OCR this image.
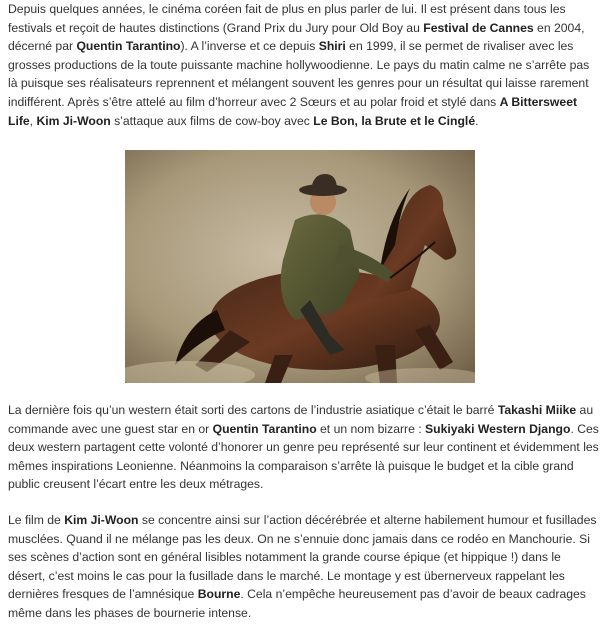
Depuis quelques années, le cinéma coréen fait de plus en plus parler de lui. Il est présent dans tous les festivals et reçoit de hautes distinctions (Grand Prix du Jury pour Old Boy au Festival de Cannes en 2004, décerné par Quentin Tarantino). A l’inverse et ce depuis Shiri en 1999, il se permet de rivaliser avec les grosses productions de la toute puissante machine hollywoodienne. Le pays du matin calme ne s’arrête pas là puisque ses réalisateurs reprennent et mélangent souvent les genres pour un résultat qui laisse rarement indifférent. Après s’être attelé au film d’horreur avec 2 Sœurs et au polar froid et stylé dans A Bittersweet Life, Kim Ji-Woon s’attaque aux films de cow-boy avec Le Bon, la Brute et le Cinglé.

La dernière fois qu’un western était sorti des cartons de l’industrie asiatique c’était le barré Takashi Miike au commande avec une guest star en or Quentin Tarantino et un nom bizarre : Sukiyaki Western Django. Ces deux western partagent cette volonté d’honorer un genre peu représenté sur leur continent et évidemment les mêmes inspirations Leonienne. Néanmoins la comparaison s’arrête là puisque le budget et la cible grand public creusent l’écart entre les deux métrages.

Le film de Kim Ji-Woon se concentre ainsi sur l’action décérébrée et alterne habilement humour et fusillades musclées. Quand il ne mélange pas les deux. On ne s’ennuie donc jamais dans ce rodéo en Manchourie. Si ses scènes d’action sont en général lisibles notamment la grande course épique (et hippique !) dans le désert, c’est moins le cas pour la fusillade dans le marché. Le montage y est übernerveux rappelant les dernières fresques de l’amnésique Bourne. Cela n’empêche heureusement pas d’avoir de beaux cadrages même dans les phases de bournerie intense.
